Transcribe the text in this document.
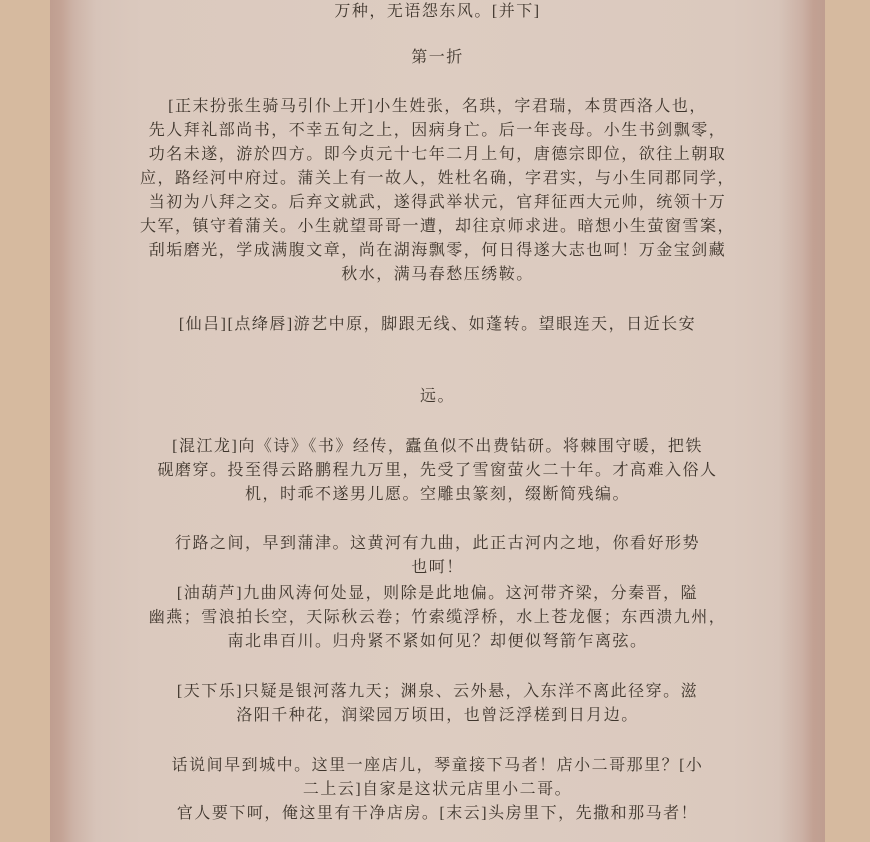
万种，无语怨东风。[并下]
第一折
[正末扮张生骑马引仆上开]小生姓张，名珙，字君瑞，本贯西洛人也，
先人拜礼部尚书，不幸五旬之上，因病身亡。后一年丧母。小生书剑飘零，
功名未遂，游於四方。即今贞元十七年二月上旬，唐德宗即位，欲往上朝取
应，路经河中府过。蒲关上有一故人，姓杜名确，字君实，与小生同郡同学，
当初为八拜之交。后弃文就武，遂得武举状元，官拜征西大元帅，统领十万
大军，镇守着蒲关。小生就望哥哥一遭，却往京师求进。暗想小生萤窗雪案，
刮垢磨光，学成满腹文章，尚在湖海飘零，何日得遂大志也呵！万金宝剑藏
秋水，满马春愁压绣鞍。
[仙吕][点绛唇]游艺中原，脚跟无线、如蓬转。望眼连天，日近长安
远。
[混江龙]向《诗》《书》经传，蠹鱼似不出费钻研。将棘围守暖，把铁
砚磨穿。投至得云路鹏程九万里，先受了雪窗萤火二十年。才高难入俗人
机，时乖不遂男儿愿。空雕虫篆刻，缀断简残编。
行路之间，早到蒲津。这黄河有九曲，此正古河内之地，你看好形势
也呵！
[油葫芦]九曲风涛何处显，则除是此地偏。这河带齐梁，分秦晋，隘
幽燕；雪浪拍长空，天际秋云卷；竹索缆浮桥，水上苍龙偃；东西溃九州，
南北串百川。归舟紧不紧如何见？却便似弩箭乍离弦。
[天下乐]只疑是银河落九天；渊泉、云外悬，入东洋不离此径穿。滋
洛阳千种花，润梁园万顷田，也曾泛浮槎到日月边。
话说间早到城中。这里一座店儿，琴童接下马者！店小二哥那里？[小
二上云]自家是这状元店里小二哥。
官人要下呵，俺这里有干净店房。[末云]头房里下，先撒和那马者！
